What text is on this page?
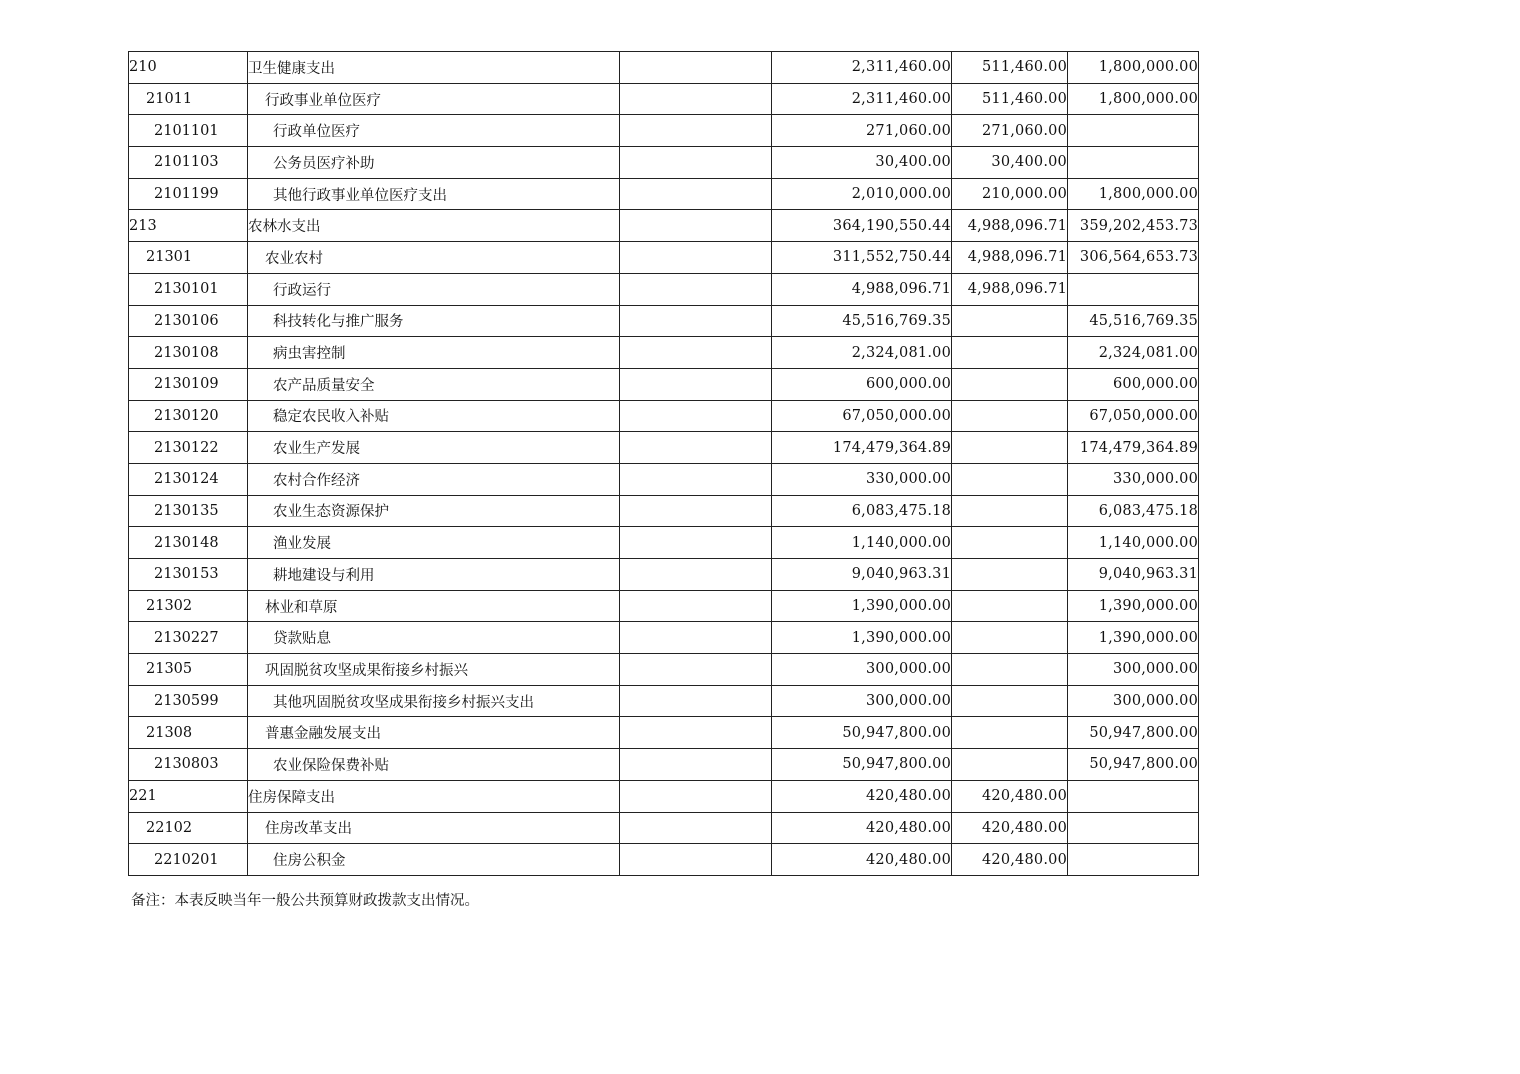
210	卫生健康支出		2,311,460.00	511,460.00	1,800,000.00
21011	行政事业单位医疗		2,311,460.00	511,460.00	1,800,000.00
2101101	行政单位医疗		271,060.00	271,060.00	
2101103	公务员医疗补助		30,400.00	30,400.00	
2101199	其他行政事业单位医疗支出		2,010,000.00	210,000.00	1,800,000.00
213	农林水支出		364,190,550.44	4,988,096.71	359,202,453.73
21301	农业农村		311,552,750.44	4,988,096.71	306,564,653.73
2130101	行政运行		4,988,096.71	4,988,096.71	
2130106	科技转化与推广服务		45,516,769.35		45,516,769.35
2130108	病虫害控制		2,324,081.00		2,324,081.00
2130109	农产品质量安全		600,000.00		600,000.00
2130120	稳定农民收入补贴		67,050,000.00		67,050,000.00
2130122	农业生产发展		174,479,364.89		174,479,364.89
2130124	农村合作经济		330,000.00		330,000.00
2130135	农业生态资源保护		6,083,475.18		6,083,475.18
2130148	渔业发展		1,140,000.00		1,140,000.00
2130153	耕地建设与利用		9,040,963.31		9,040,963.31
21302	林业和草原		1,390,000.00		1,390,000.00
2130227	贷款贴息		1,390,000.00		1,390,000.00
21305	巩固脱贫攻坚成果衔接乡村振兴		300,000.00		300,000.00
2130599	其他巩固脱贫攻坚成果衔接乡村振兴支出		300,000.00		300,000.00
21308	普惠金融发展支出		50,947,800.00		50,947,800.00
2130803	农业保险保费补贴		50,947,800.00		50,947,800.00
221	住房保障支出		420,480.00	420,480.00	
22102	住房改革支出		420,480.00	420,480.00	
2210201	住房公积金		420,480.00	420,480.00	
备注：本表反映当年一般公共预算财政拨款支出情况。
